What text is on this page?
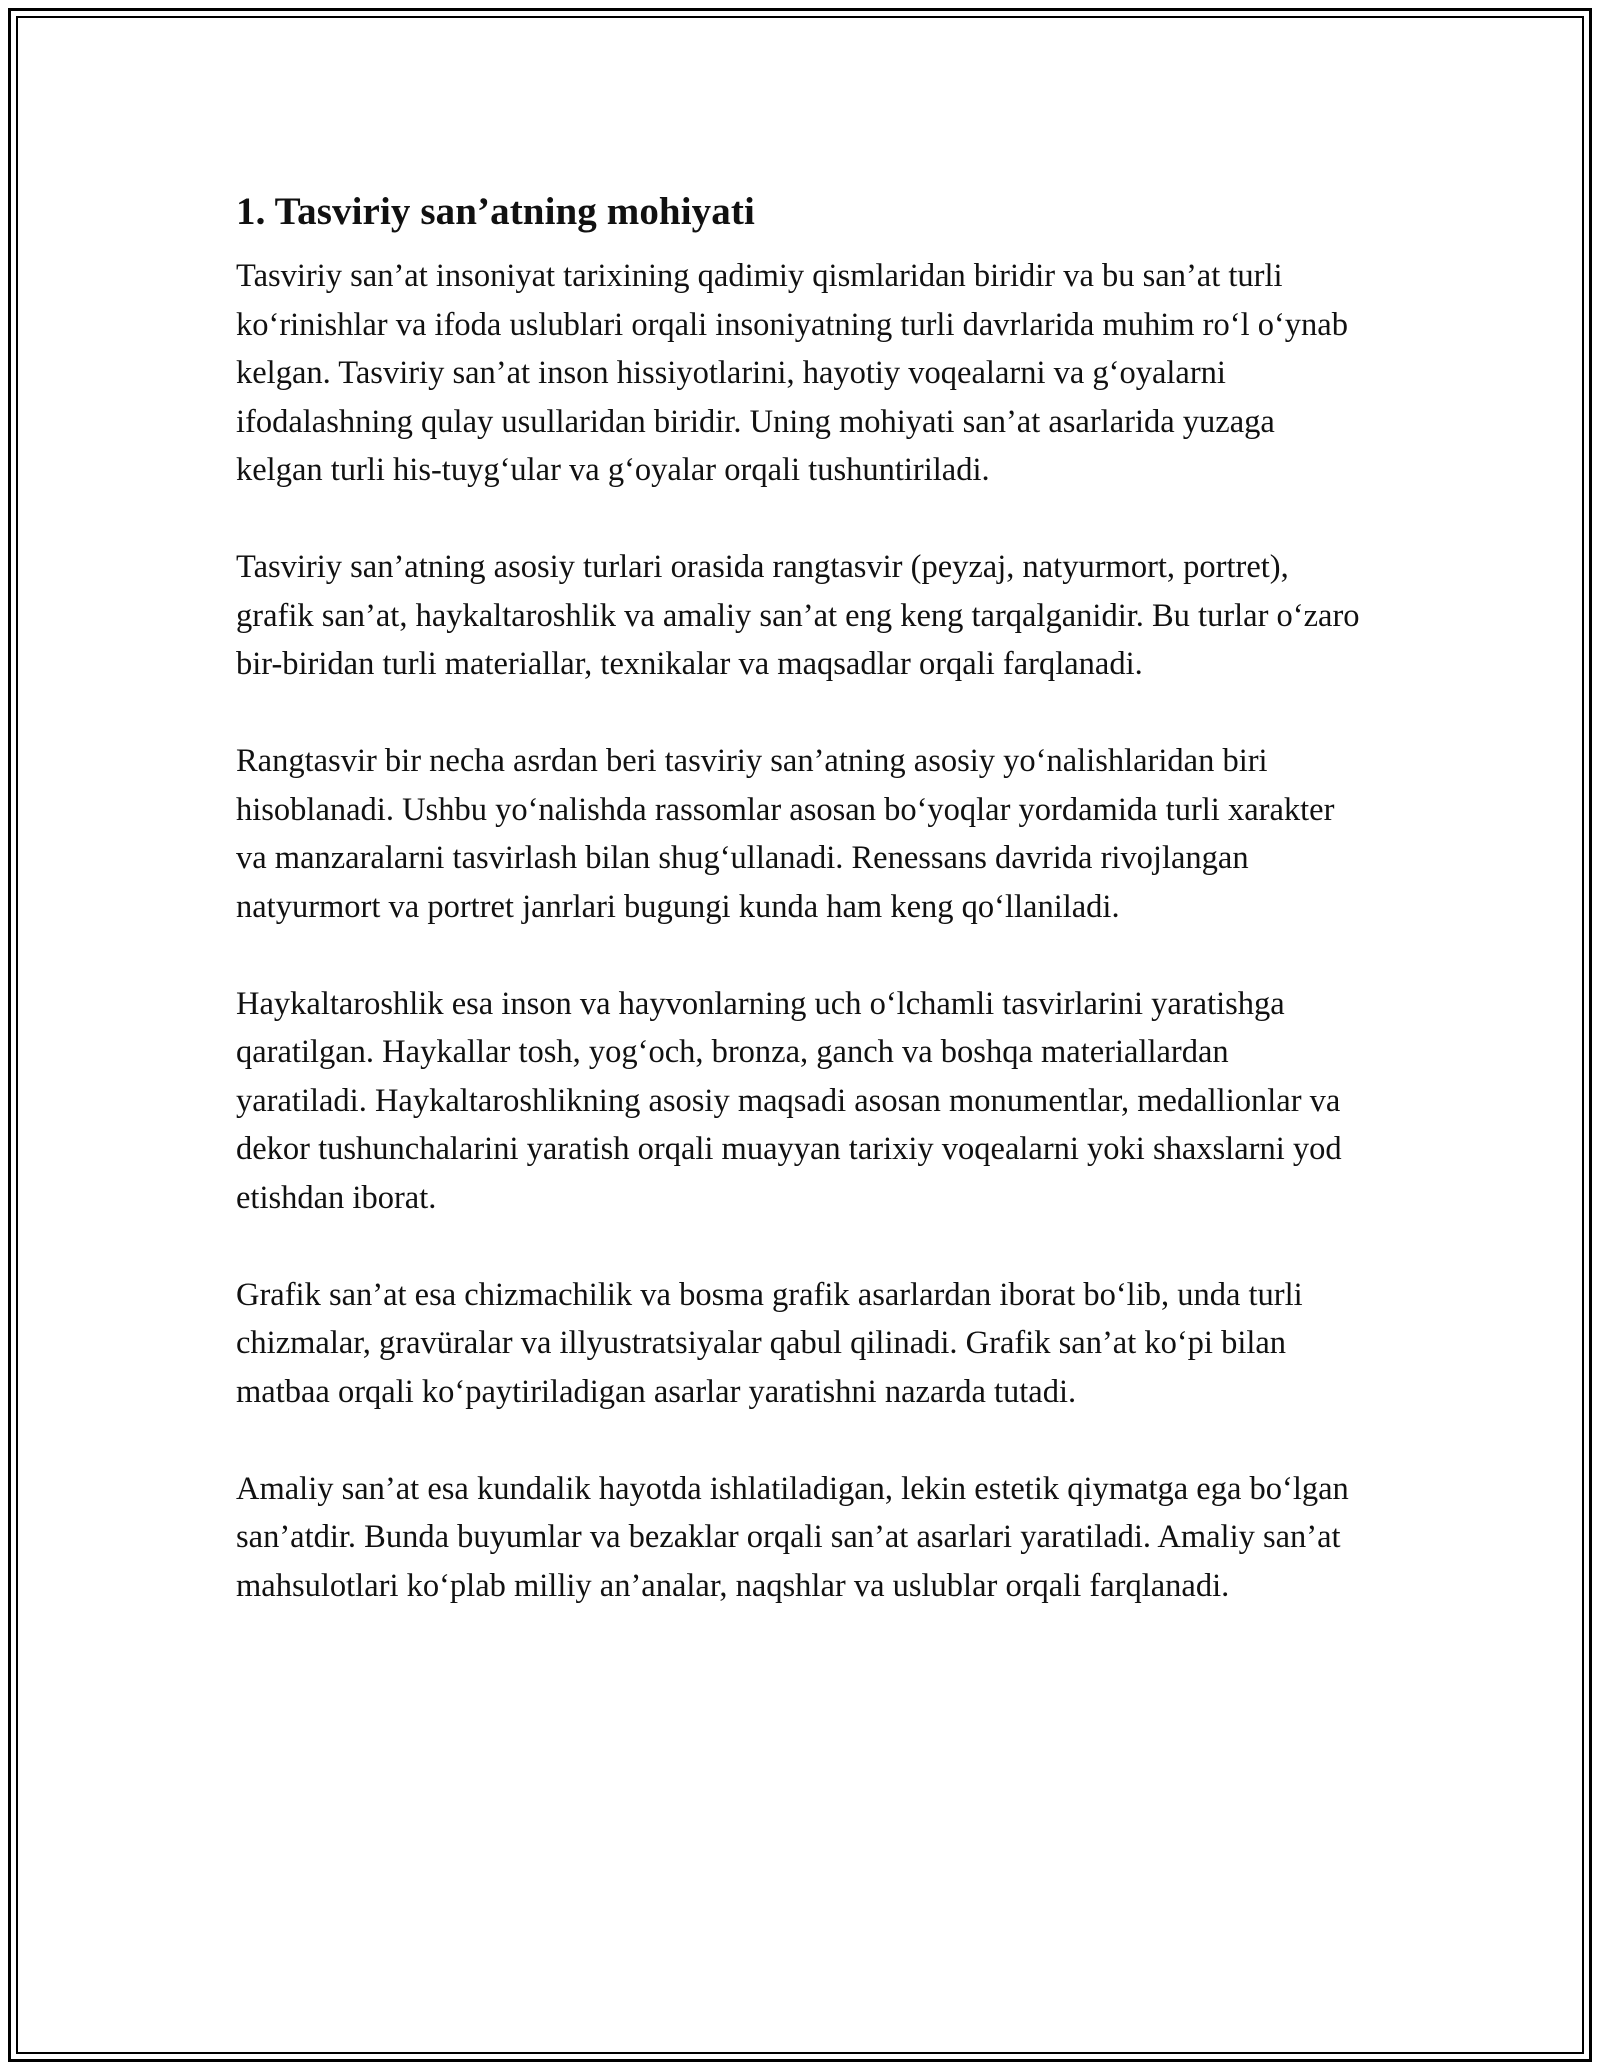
1. Tasviriy san’atning mohiyati

Tasviriy san’at insoniyat tarixining qadimiy qismlaridan biridir va bu san’at turli ko‘rinishlar va ifoda uslublari orqali insoniyatning turli davrlarida muhim ro‘l o‘ynab kelgan. Tasviriy san’at inson hissiyotlarini, hayotiy voqealarni va g‘oyalarni ifodalashning qulay usullaridan biridir. Uning mohiyati san’at asarlarida yuzaga kelgan turli his-tuyg‘ular va g‘oyalar orqali tushuntiriladi.

Tasviriy san’atning asosiy turlari orasida rangtasvir (peyzaj, natyurmort, portret), grafik san’at, haykaltaroshlik va amaliy san’at eng keng tarqalganidir. Bu turlar o‘zaro bir-biridan turli materiallar, texnikalar va maqsadlar orqali farqlanadi.

Rangtasvir bir necha asrdan beri tasviriy san’atning asosiy yo‘nalishlaridan biri hisoblanadi. Ushbu yo‘nalishda rassomlar asosan bo‘yoqlar yordamida turli xarakter va manzaralarni tasvirlash bilan shug‘ullanadi. Renessans davrida rivojlangan natyurmort va portret janrlari bugungi kunda ham keng qo‘llaniladi.

Haykaltaroshlik esa inson va hayvonlarning uch o‘lchamli tasvirlarini yaratishga qaratilgan. Haykallar tosh, yog‘och, bronza, ganch va boshqa materiallardan yaratiladi. Haykaltaroshlikning asosiy maqsadi asosan monumentlar, medallionlar va dekor tushunchalarini yaratish orqali muayyan tarixiy voqealarni yoki shaxslarni yod etishdan iborat.

Grafik san’at esa chizmachilik va bosma grafik asarlardan iborat bo‘lib, unda turli chizmalar, gravüralar va illyustratsiyalar qabul qilinadi. Grafik san’at ko‘pi bilan matbaa orqali ko‘paytiriladigan asarlar yaratishni nazarda tutadi.

Amaliy san’at esa kundalik hayotda ishlatiladigan, lekin estetik qiymatga ega bo‘lgan san’atdir. Bunda buyumlar va bezaklar orqali san’at asarlari yaratiladi. Amaliy san’at mahsulotlari ko‘plab milliy an’analar, naqshlar va uslublar orqali farqlanadi.
